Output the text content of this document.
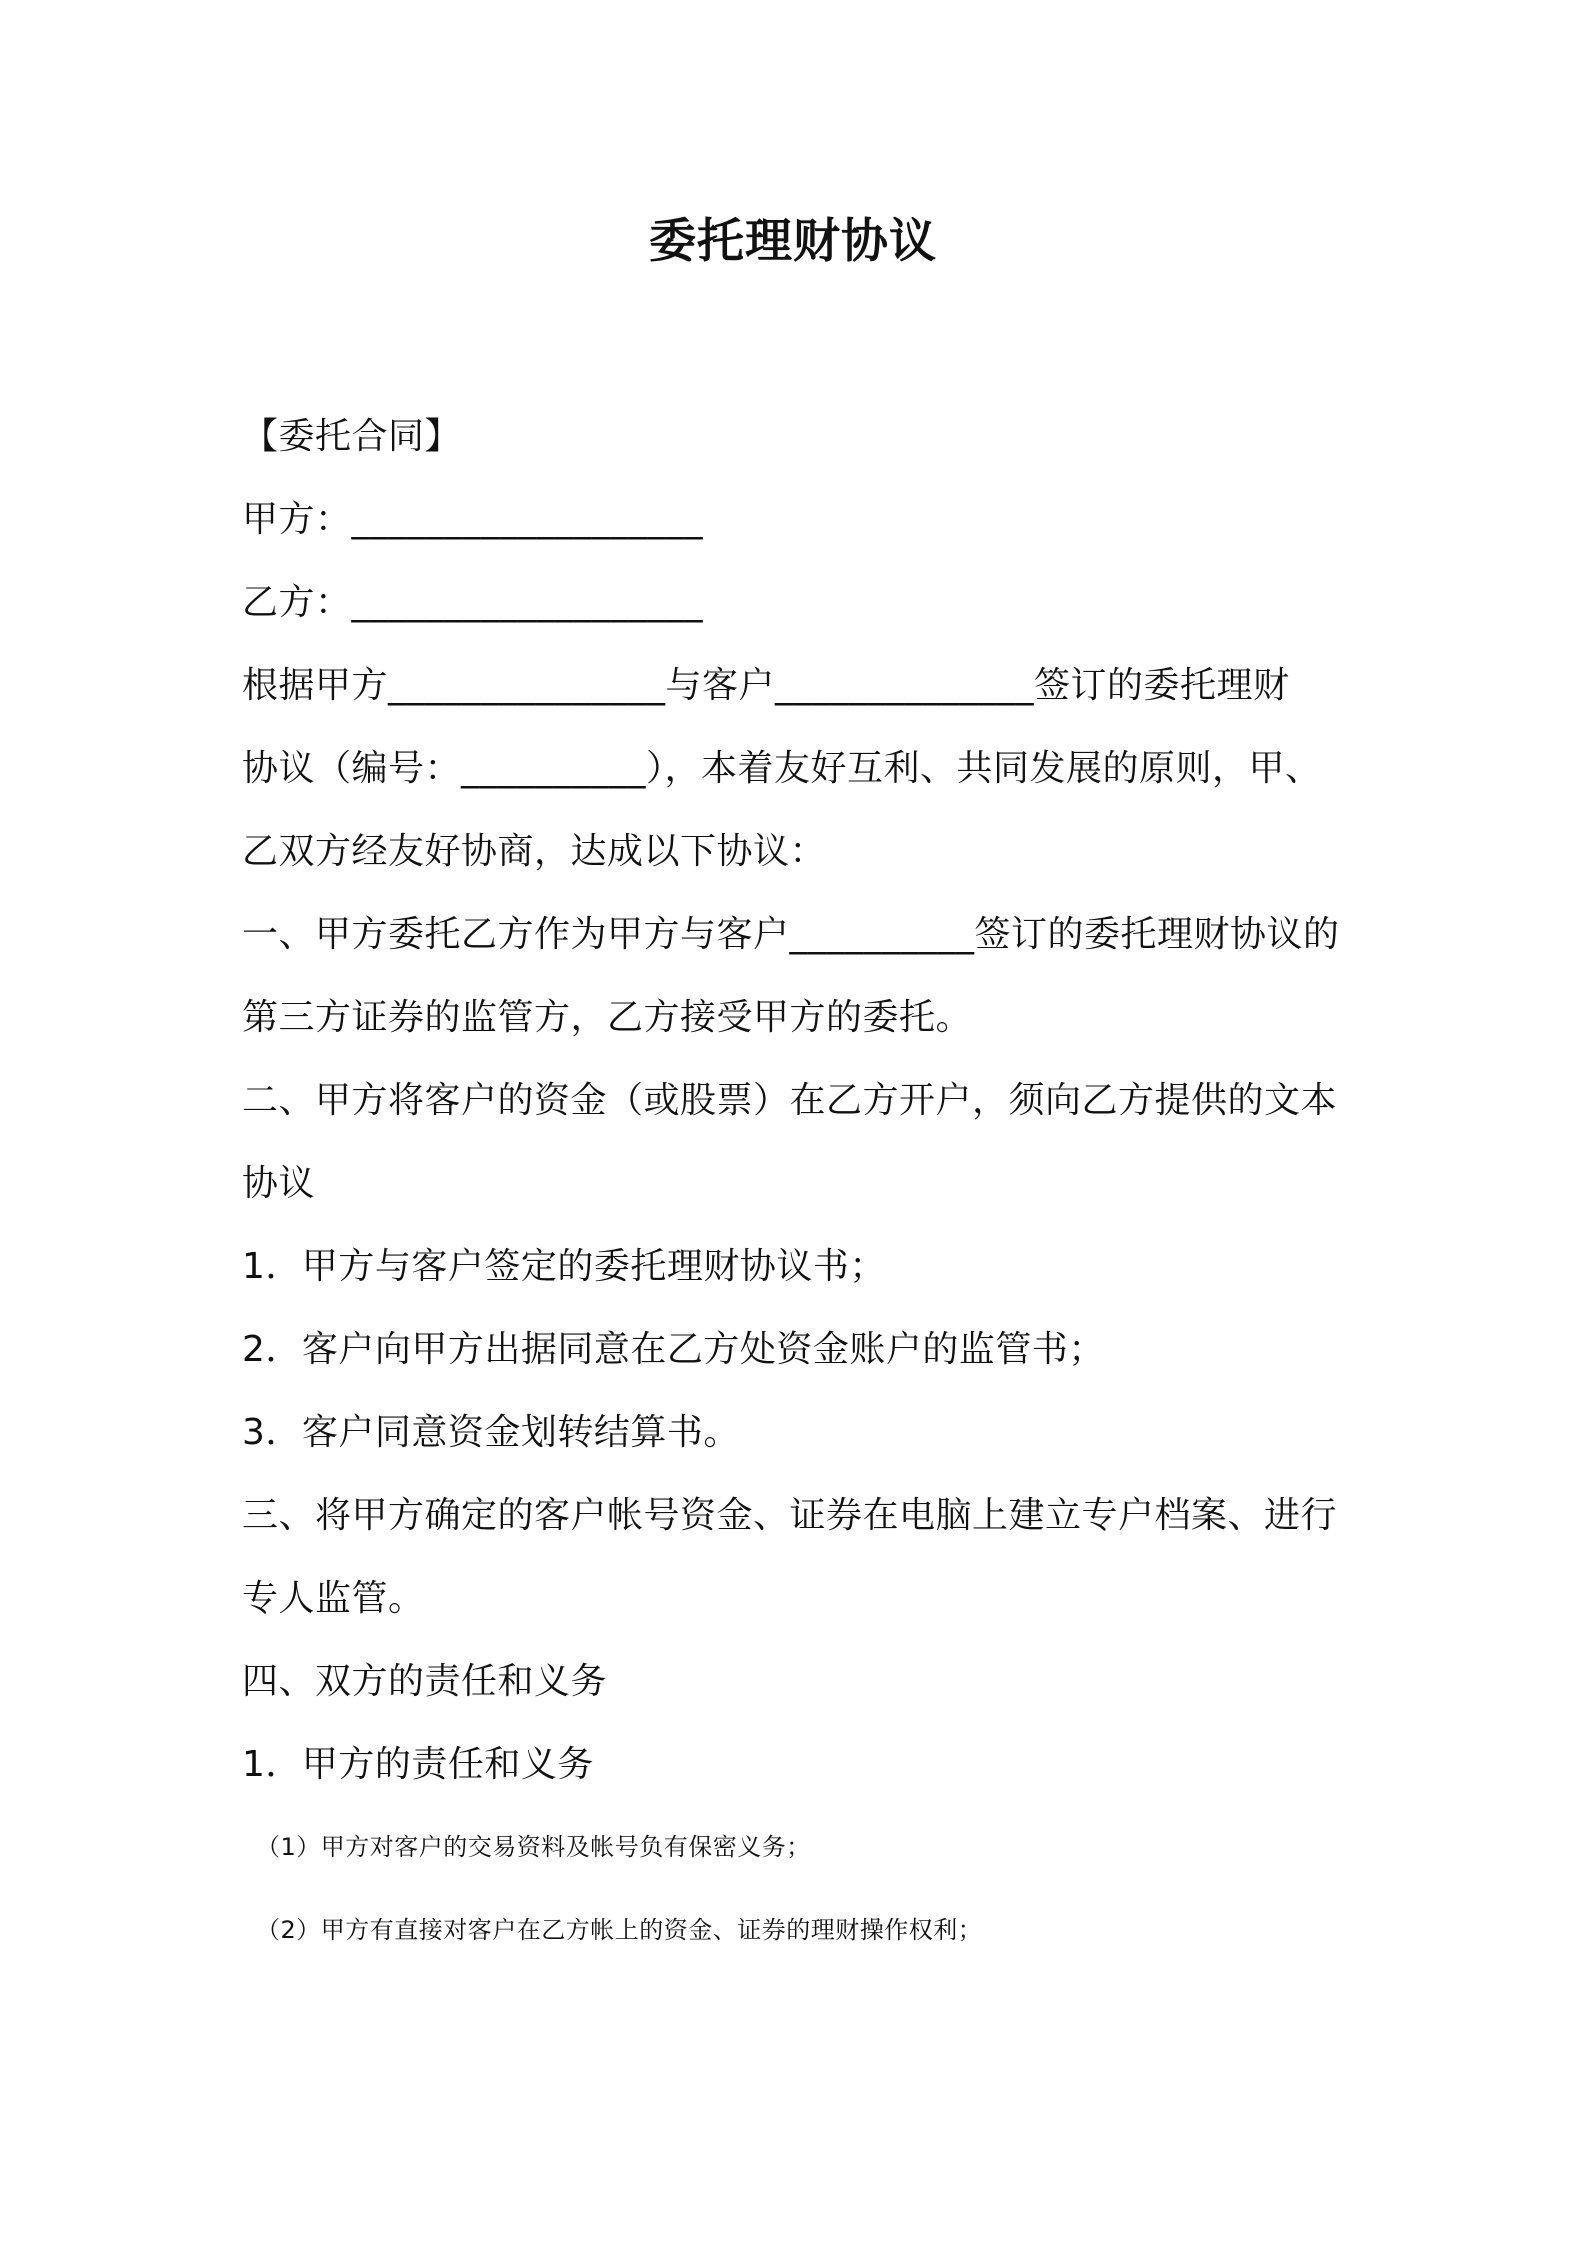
委托理财协议
【委托合同】
甲方：___________________
乙方：___________________
根据甲方_______________与客户______________签订的委托理财
协议（编号：__________），本着友好互利、共同发展的原则，甲、
乙双方经友好协商，达成以下协议：
一、甲方委托乙方作为甲方与客户__________签订的委托理财协议的
第三方证券的监管方，乙方接受甲方的委托。
二、甲方将客户的资金（或股票）在乙方开户，须向乙方提供的文本
协议
1．甲方与客户签定的委托理财协议书；
2．客户向甲方出据同意在乙方处资金账户的监管书；
3．客户同意资金划转结算书。
三、将甲方确定的客户帐号资金、证券在电脑上建立专户档案、进行
专人监管。
四、双方的责任和义务
1．甲方的责任和义务
（1）甲方对客户的交易资料及帐号负有保密义务；
（2）甲方有直接对客户在乙方帐上的资金、证券的理财操作权利；
